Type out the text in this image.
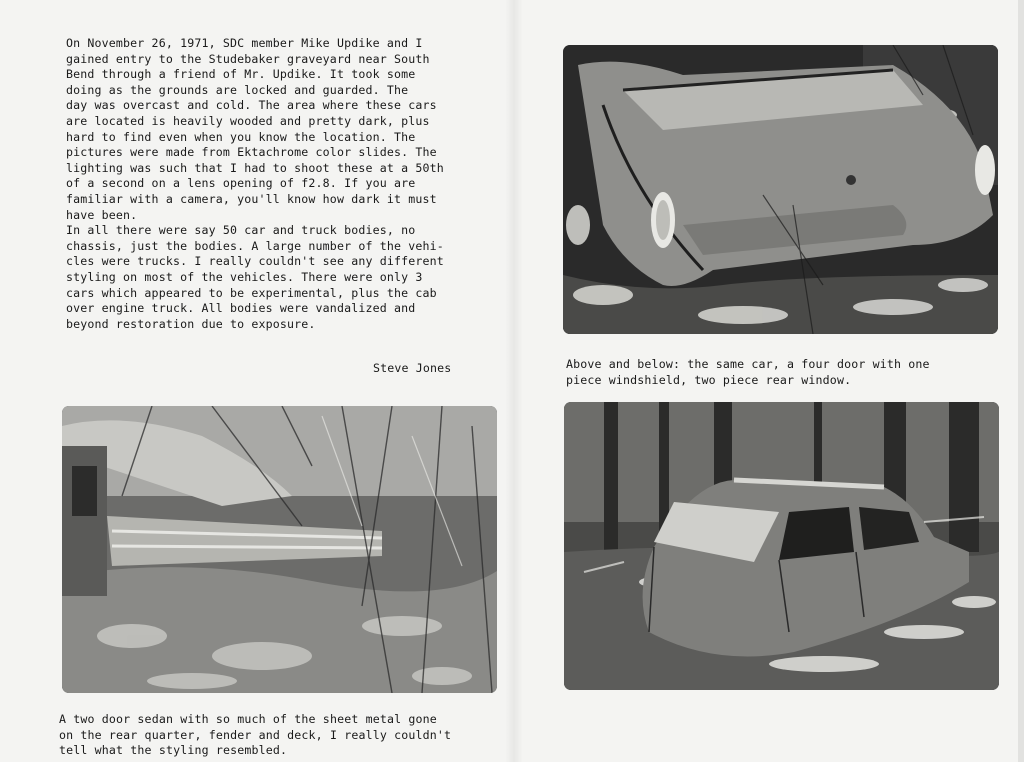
On November 26, 1971, SDC member Mike Updike and I
gained entry to the Studebaker graveyard near South
Bend through a friend of Mr. Updike. It took some
doing as the grounds are locked and guarded. The
day was overcast and cold. The area where these cars
are located is heavily wooded and pretty dark, plus
hard to find even when you know the location. The
pictures were made from Ektachrome color slides. The
lighting was such that I had to shoot these at a 50th
of a second on a lens opening of f2.8. If you are
familiar with a camera, you'll know how dark it must
have been.

In all there were say 50 car and truck bodies, no
chassis, just the bodies. A large number of the vehi-
cles were trucks. I really couldn't see any different
styling on most of the vehicles. There were only 3
cars which appeared to be experimental, plus the cab
over engine truck. All bodies were vandalized and
beyond restoration due to exposure.

Steve Jones	Above and below: the same car, a four door with one
piece windshield, two piece rear window.
A two door sedan with so much of the sheet metal gone
on the rear quarter, fender and deck, I really couldn't
tell what the styling resembled.
